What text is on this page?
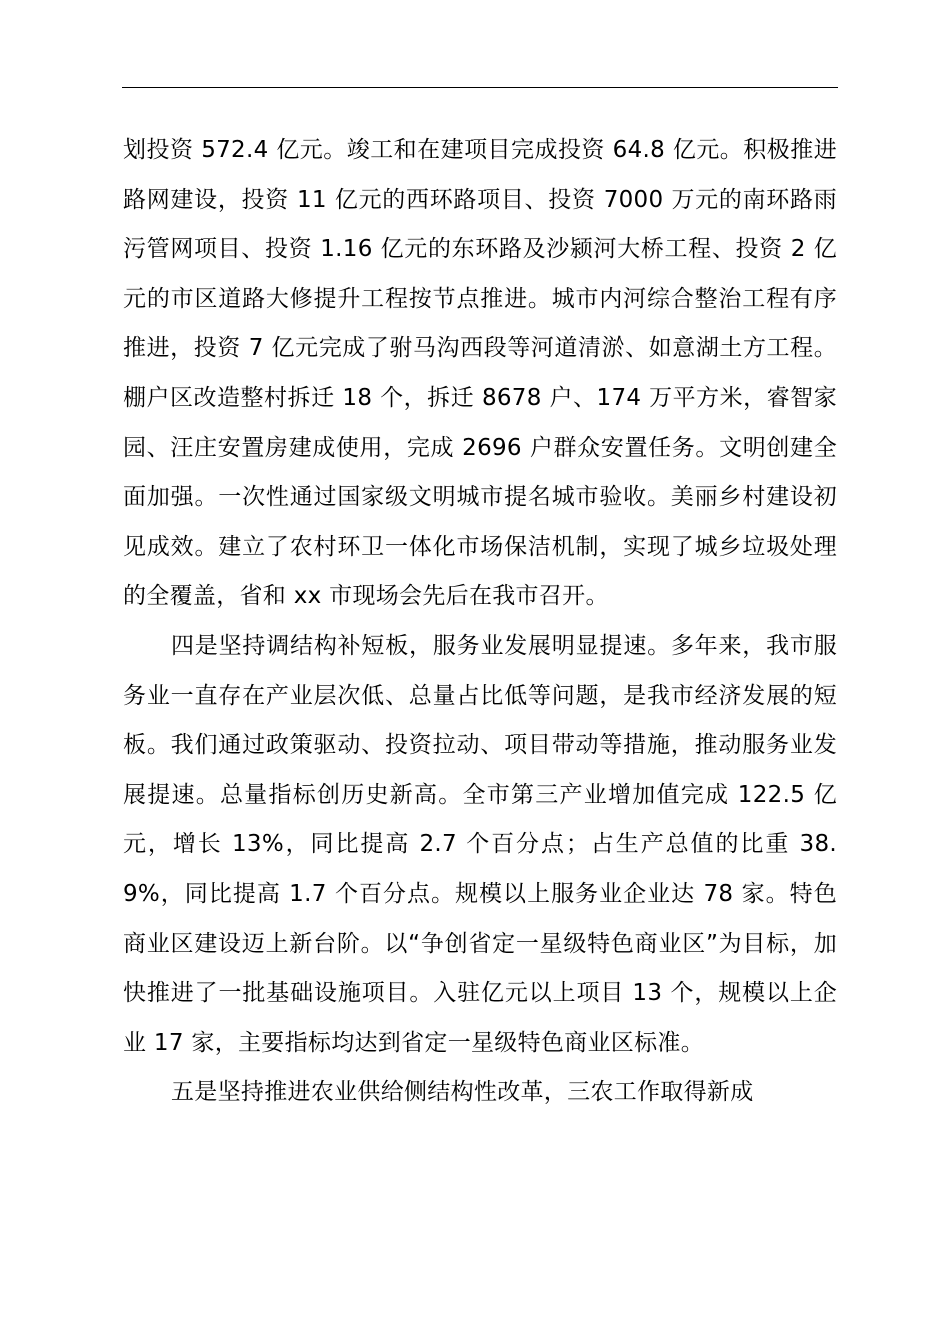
划投资 572.4 亿元。竣工和在建项目完成投资 64.8 亿元。积极推进路网建设，投资 11 亿元的西环路项目、投资 7000 万元的南环路雨污管网项目、投资 1.16 亿元的东环路及沙颍河大桥工程、投资 2 亿元的市区道路大修提升工程按节点推进。城市内河综合整治工程有序推进，投资 7 亿元完成了驸马沟西段等河道清淤、如意湖土方工程。棚户区改造整村拆迁 18 个，拆迁 8678 户、174 万平方米，睿智家园、汪庄安置房建成使用，完成 2696 户群众安置任务。文明创建全面加强。一次性通过国家级文明城市提名城市验收。美丽乡村建设初见成效。建立了农村环卫一体化市场保洁机制，实现了城乡垃圾处理的全覆盖，省和 xx 市现场会先后在我市召开。

四是坚持调结构补短板，服务业发展明显提速。多年来，我市服务业一直存在产业层次低、总量占比低等问题，是我市经济发展的短板。我们通过政策驱动、投资拉动、项目带动等措施，推动服务业发展提速。总量指标创历史新高。全市第三产业增加值完成 122.5 亿元，增长 13%，同比提高 2.7 个百分点；占生产总值的比重 38.9%，同比提高 1.7 个百分点。规模以上服务业企业达 78 家。特色商业区建设迈上新台阶。以“争创省定一星级特色商业区”为目标，加快推进了一批基础设施项目。入驻亿元以上项目 13 个，规模以上企业 17 家，主要指标均达到省定一星级特色商业区标准。

五是坚持推进农业供给侧结构性改革，三农工作取得新成
